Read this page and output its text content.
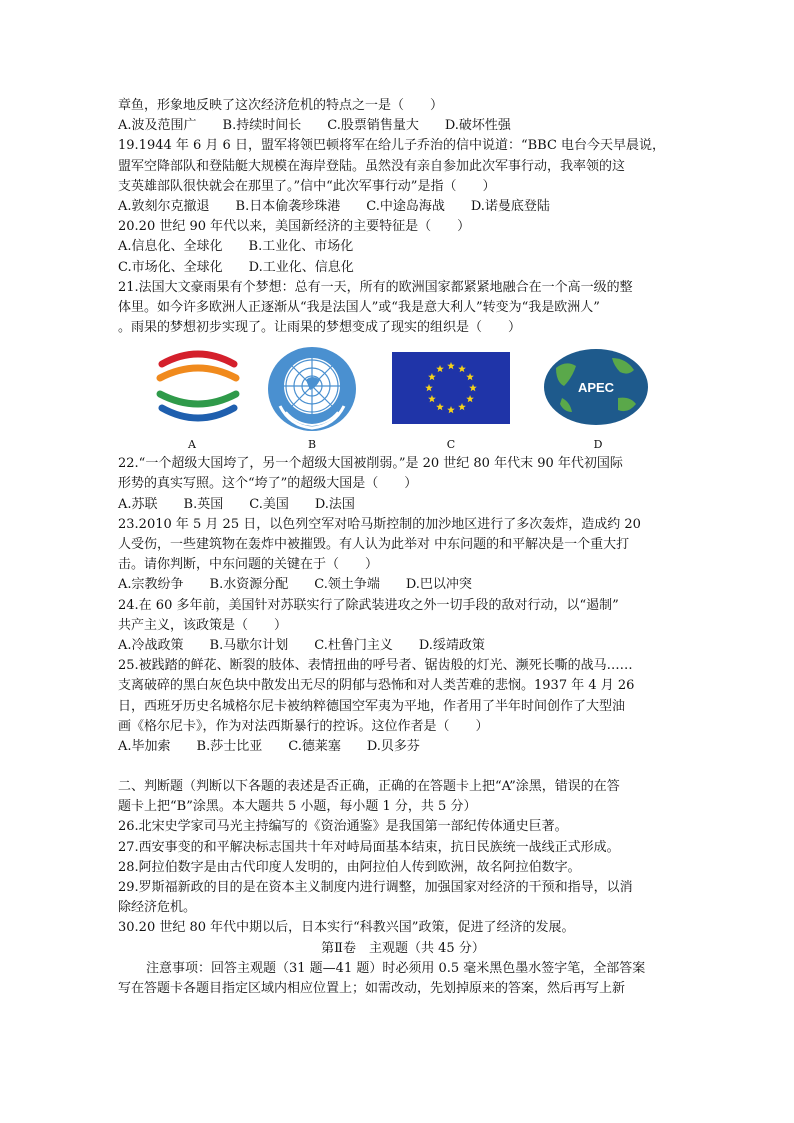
章鱼，形象地反映了这次经济危机的特点之一是（　　）
A.波及范围广　　B.持续时间长　　C.股票销售量大　　D.破坏性强
19.1944 年 6 月 6 日，盟军将领巴顿将军在给儿子乔治的信中说道：“BBC 电台今天早晨说，
盟军空降部队和登陆艇大规模在海岸登陆。虽然没有亲自参加此次军事行动，我率领的这
支英雄部队很快就会在那里了。”信中“此次军事行动”是指（　　）
A.敦刻尔克撤退　　B.日本偷袭珍珠港　　C.中途岛海战　　D.诺曼底登陆
20.20 世纪 90 年代以来，美国新经济的主要特征是（　　）
A.信息化、全球化　　B.工业化、市场化
C.市场化、全球化　　D.工业化、信息化
21.法国大文豪雨果有个梦想：总有一天，所有的欧洲国家都紧紧地融合在一个高一级的整
体里。如今许多欧洲人正逐渐从“我是法国人”或“我是意大利人”转变为“我是欧洲人”
。雨果的梦想初步实现了。让雨果的梦想变成了现实的组织是（　　）
A	B	C
APEC
D
22.“一个超级大国垮了，另一个超级大国被削弱。”是 20 世纪 80 年代末 90 年代初国际
形势的真实写照。这个“垮了”的超级大国是（　　）
A.苏联　　B.英国　　C.美国　　D.法国
23.2010 年 5 月 25 日，以色列空军对哈马斯控制的加沙地区进行了多次轰炸，造成约 20
人受伤，一些建筑物在轰炸中被摧毁。有人认为此举对 中东问题的和平解决是一个重大打
击。请你判断，中东问题的关键在于（　　）
A.宗教纷争　　B.水资源分配　　C.领土争端　　D.巴以冲突
24.在 60 多年前，美国针对苏联实行了除武装进攻之外一切手段的敌对行动，以“遏制”
共产主义，该政策是（　　）
A.冷战政策　　B.马歇尔计划　　C.杜鲁门主义　　D.绥靖政策
25.被践踏的鲜花、断裂的肢体、表情扭曲的呼号者、锯齿般的灯光、濒死长嘶的战马……
支离破碎的黑白灰色块中散发出无尽的阴郁与恐怖和对人类苦难的悲悯。1937 年 4 月 26
日，西班牙历史名城格尔尼卡被纳粹德国空军夷为平地，作者用了半年时间创作了大型油
画《格尔尼卡》，作为对法西斯暴行的控诉。这位作者是（　　）
A.毕加索　　B.莎士比亚　　C.德莱塞　　D.贝多芬
二、判断题（判断以下各题的表述是否正确，正确的在答题卡上把“A”涂黑，错误的在答
题卡上把“B”涂黑。本大题共 5 小题，每小题 1 分，共 5 分）
26.北宋史学家司马光主持编写的《资治通鉴》是我国第一部纪传体通史巨著。
27.西安事变的和平解决标志国共十年对峙局面基本结束，抗日民族统一战线正式形成。
28.阿拉伯数字是由古代印度人发明的，由阿拉伯人传到欧洲，故名阿拉伯数字。
29.罗斯福新政的目的是在资本主义制度内进行调整，加强国家对经济的干预和指导，以消
除经济危机。
30.20 世纪 80 年代中期以后，日本实行“科教兴国”政策，促进了经济的发展。
第Ⅱ卷　主观题（共 45 分）
注意事项：回答主观题（31 题—41 题）时必须用 0.5 毫米黑色墨水签字笔，全部答案
写在答题卡各题目指定区域内相应位置上；如需改动，先划掉原来的答案，然后再写上新
